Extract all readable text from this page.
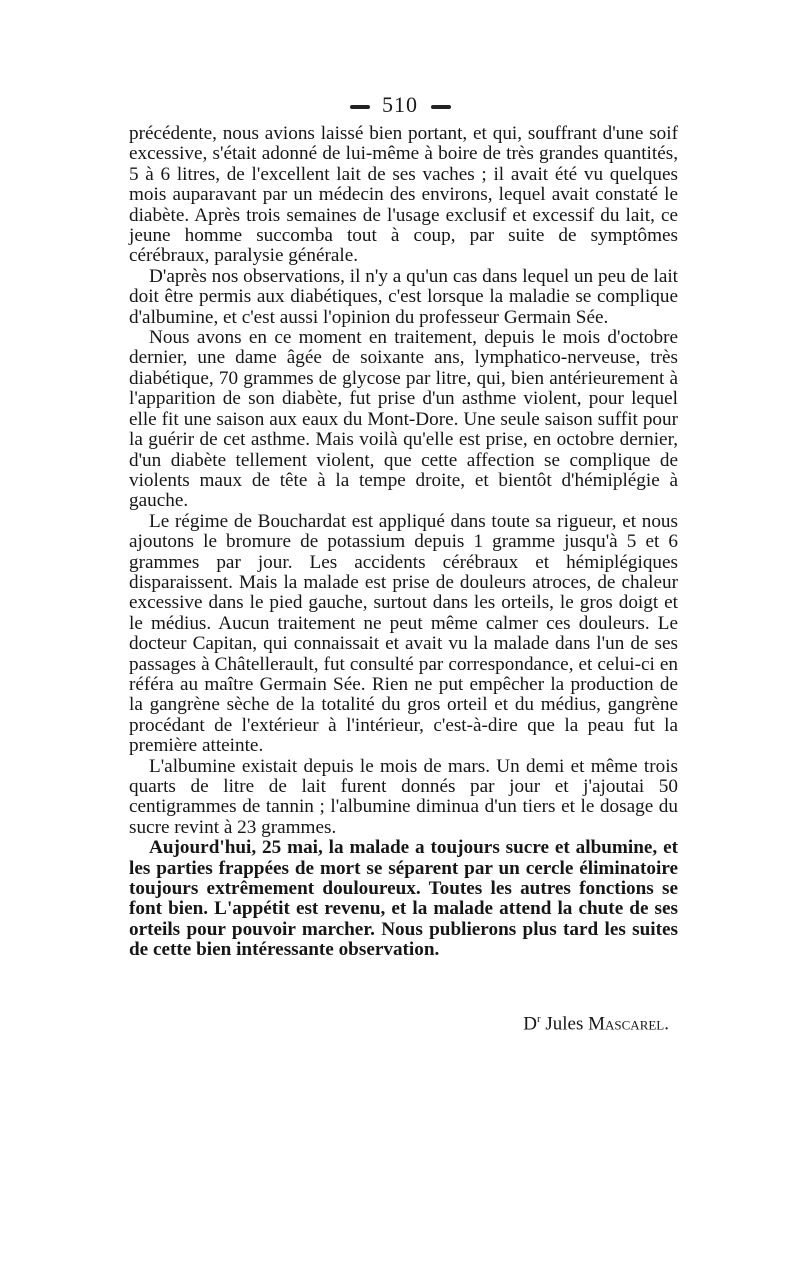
510

précédente, nous avions laissé bien portant, et qui, souffrant d'une soif excessive, s'était adonné de lui-même à boire de très grandes quantités, 5 à 6 litres, de l'excellent lait de ses vaches ; il avait été vu quelques mois auparavant par un médecin des environs, lequel avait constaté le diabète. Après trois semaines de l'usage exclusif et excessif du lait, ce jeune homme succomba tout à coup, par suite de symptômes cérébraux, paralysie générale.

D'après nos observations, il n'y a qu'un cas dans lequel un peu de lait doit être permis aux diabétiques, c'est lorsque la maladie se complique d'albumine, et c'est aussi l'opinion du professeur Germain Sée.

Nous avons en ce moment en traitement, depuis le mois d'octobre dernier, une dame âgée de soixante ans, lymphatico-nerveuse, très diabétique, 70 grammes de glycose par litre, qui, bien antérieurement à l'apparition de son diabète, fut prise d'un asthme violent, pour lequel elle fit une saison aux eaux du Mont-Dore. Une seule saison suffit pour la guérir de cet asthme. Mais voilà qu'elle est prise, en octobre dernier, d'un diabète tellement violent, que cette affection se complique de violents maux de tête à la tempe droite, et bientôt d'hémiplégie à gauche.

Le régime de Bouchardat est appliqué dans toute sa rigueur, et nous ajoutons le bromure de potassium depuis 1 gramme jusqu'à 5 et 6 grammes par jour. Les accidents cérébraux et hémiplégiques disparaissent. Mais la malade est prise de douleurs atroces, de chaleur excessive dans le pied gauche, surtout dans les orteils, le gros doigt et le médius. Aucun traitement ne peut même calmer ces douleurs. Le docteur Capitan, qui connaissait et avait vu la malade dans l'un de ses passages à Châtellerault, fut consulté par correspondance, et celui-ci en référa au maître Germain Sée. Rien ne put empêcher la production de la gangrène sèche de la totalité du gros orteil et du médius, gangrène procédant de l'extérieur à l'intérieur, c'est-à-dire que la peau fut la première atteinte.

L'albumine existait depuis le mois de mars. Un demi et même trois quarts de litre de lait furent donnés par jour et j'ajoutai 50 centigrammes de tannin ; l'albumine diminua d'un tiers et le dosage du sucre revint à 23 grammes.

Aujourd'hui, 25 mai, la malade a toujours sucre et albumine, et les parties frappées de mort se séparent par un cercle éliminatoire toujours extrêmement douloureux. Toutes les autres fonctions se font bien. L'appétit est revenu, et la malade attend la chute de ses orteils pour pouvoir marcher. Nous publierons plus tard les suites de cette bien intéressante observation.

$D^r$ Jules Mascarel.
